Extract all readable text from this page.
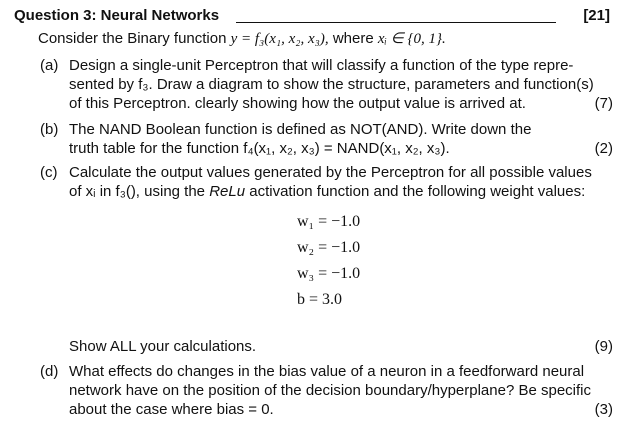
Question 3: Neural Networks	[21]
Consider the Binary function y = f₃(x₁, x₂, x₃), where xᵢ ∈ {0, 1}.
(a) Design a single-unit Perceptron that will classify a function of the type repre-
sented by f₃. Draw a diagram to show the structure, parameters and function(s)
of this Perceptron. clearly showing how the output value is arrived at.	(7)
(b) The NAND Boolean function is defined as NOT(AND). Write down the
truth table for the function f₄(x₁, x₂, x₃) = NAND(x₁, x₂, x₃).	(2)
(c) Calculate the output values generated by the Perceptron for all possible values
of xᵢ in f₃(), using the ReLu activation function and the following weight values:
w₁ = −1.0
w₂ = −1.0
w₃ = −1.0
b = 3.0
Show ALL your calculations.	(9)
(d) What effects do changes in the bias value of a neuron in a feedforward neural
network have on the position of the decision boundary/hyperplane? Be specific
about the case where bias = 0.	(3)
